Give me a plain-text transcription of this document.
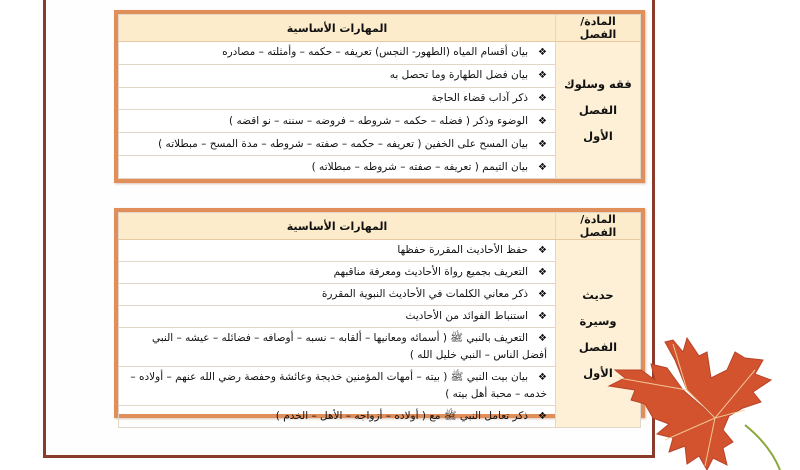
المادة/الفصل	المهارات الأساسية

فقه وسلوك
الفصل الأول	❖بيان أقسام المياه (الطهور- النجس) تعريفه – حكمه – وأمثلته – مصادره
	❖بيان فضل الطهارة وما تحصل به
	❖ذكر آداب قضاء الحاجة
	❖الوضوء وذكر ( فضله – حكمه – شروطه – فروضه – سننه – نو اقضه )
	❖بيان المسح على الخفين ( تعريفه – حكمه – صفته – شروطه – مدة المسح – مبطلاته )
	❖بيان التيمم ( تعريفه – صفته – شروطه – مبطلاته )
المادة/الفصل	المهارات الأساسية

حديث وسيرة
الفصل الأول	❖حفظ الأحاديث المقررة حفظها
	❖التعريف بجميع رواة الأحاديث ومعرفة مناقبهم
	❖ذكر معاني الكلمات في الأحاديث النبوية المقررة
	❖استنباط الفوائد من الأحاديث
	❖التعريف بالنبي ﷺ ( أسمائه ومعانيها – ألقابه – نسبه – أوصافه – فضائله – عيشه – النبي أفضل الناس – النبي خليل الله )
	❖بيان بيت النبي ﷺ ( بيته – أمهات المؤمنين خديجة وعائشة وحفصة رضي الله عنهم – أولاده – خدمه – محبة أهل بيته )
	❖ذكر تعامل النبي ﷺ مع ( أولاده – أزواجه – الأهل – الخدم )
